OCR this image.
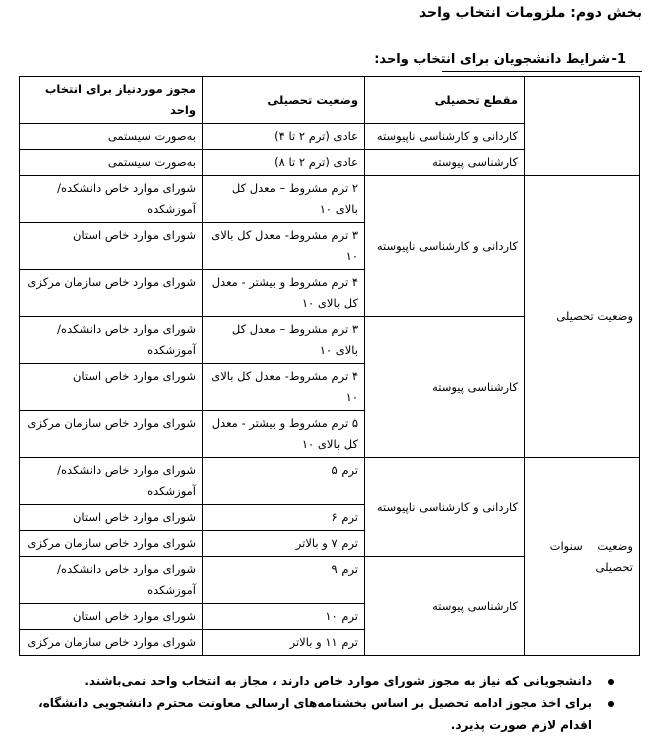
بخش دوم: ملزومات انتخاب واحد
1-
شرایط دانشجویان برای انتخاب واحد:
	مقطع تحصیلی	وضعیت تحصیلی	مجوز موردنیاز برای انتخاب واحد
	کاردانی و کارشناسی ناپیوسته	عادی (ترم ۲ تا ۴)	به‌صورت سیستمی
	کارشناسی پیوسته	عادی (ترم ۲ تا ۸)	به‌صورت سیستمی
وضعیت تحصیلی	کاردانی و کارشناسی ناپیوسته	۲ ترم مشروط – معدل کل بالای ۱۰	شورای موارد خاص دانشکده/ آموزشکده
		۳ ترم مشروط- معدل کل بالای ۱۰	شورای موارد خاص استان
		۴ ترم مشروط و بیشتر - معدل کل بالای ۱۰	شورای موارد خاص سازمان مرکزی
	کارشناسی پیوسته	۳ ترم مشروط – معدل کل بالای ۱۰	شورای موارد خاص دانشکده/ آموزشکده
		۴ ترم مشروط- معدل کل بالای ۱۰	شورای موارد خاص استان
		۵ ترم مشروط و بیشتر - معدل کل بالای ۱۰	شورای موارد خاص سازمان مرکزی
وضعیت    سنوات
تحصیلی	کاردانی و کارشناسی ناپیوسته	ترم ۵	شورای موارد خاص دانشکده/ آموزشکده
		ترم ۶	شورای موارد خاص استان
		ترم ۷ و بالاتر	شورای موارد خاص سازمان مرکزی
	کارشناسی پیوسته	ترم ۹	شورای موارد خاص دانشکده/ آموزشکده
		ترم ۱۰	شورای موارد خاص استان
		ترم ۱۱ و بالاتر	شورای موارد خاص سازمان مرکزی
دانشجویانی که نیاز به مجوز شورای موارد خاص دارند ، مجاز به انتخاب واحد نمی‌باشند.
برای اخذ مجوز ادامه تحصیل بر اساس بخشنامه‌های ارسالی معاونت محترم دانشجویی دانشگاه، اقدام لازم صورت پذیرد.
